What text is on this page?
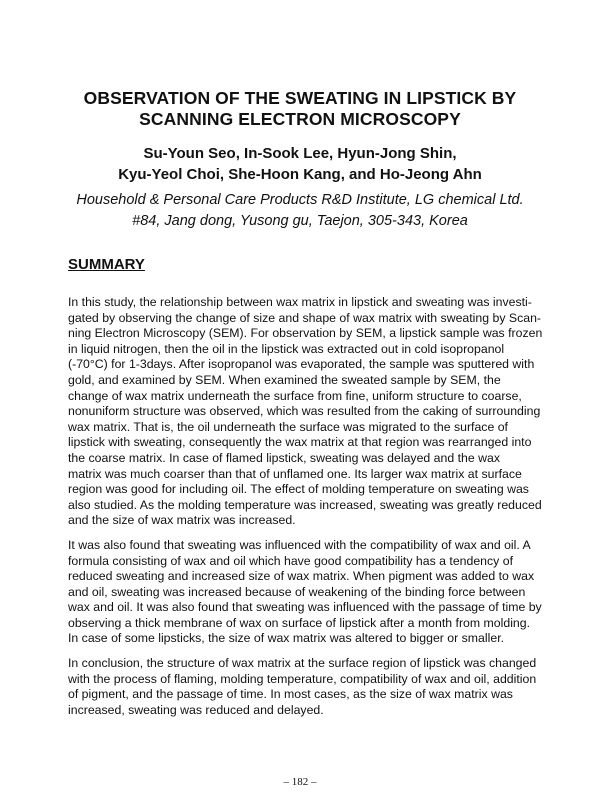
OBSERVATION OF THE SWEATING IN LIPSTICK BY
SCANNING ELECTRON MICROSCOPY
Su-Youn Seo, In-Sook Lee, Hyun-Jong Shin,
Kyu-Yeol Choi, She-Hoon Kang, and Ho-Jeong Ahn
Household & Personal Care Products R&D Institute, LG chemical Ltd.
#84, Jang dong, Yusong gu, Taejon, 305-343, Korea
SUMMARY
In this study, the relationship between wax matrix in lipstick and sweating was investi-
gated by observing the change of size and shape of wax matrix with sweating by Scan-
ning Electron Microscopy (SEM). For observation by SEM, a lipstick sample was frozen
in liquid nitrogen, then the oil in the lipstick was extracted out in cold isopropanol
(-70°C) for 1-3days. After isopropanol was evaporated, the sample was sputtered with
gold, and examined by SEM. When examined the sweated sample by SEM, the
change of wax matrix underneath the surface from fine, uniform structure to coarse,
nonuniform structure was observed, which was resulted from the caking of surrounding
wax matrix. That is, the oil underneath the surface was migrated to the surface of
lipstick with sweating, consequently the wax matrix at that region was rearranged into
the coarse matrix. In case of flamed lipstick, sweating was delayed and the wax
matrix was much coarser than that of unflamed one. Its larger wax matrix at surface
region was good for including oil. The effect of molding temperature on sweating was
also studied. As the molding temperature was increased, sweating was greatly reduced
and the size of wax matrix was increased.
It was also found that sweating was influenced with the compatibility of wax and oil. A
formula consisting of wax and oil which have good compatibility has a tendency of
reduced sweating and increased size of wax matrix. When pigment was added to wax
and oil, sweating was increased because of weakening of the binding force between
wax and oil. It was also found that sweating was influenced with the passage of time by
observing a thick membrane of wax on surface of lipstick after a month from molding.
In case of some lipsticks, the size of wax matrix was altered to bigger or smaller.
In conclusion, the structure of wax matrix at the surface region of lipstick was changed
with the process of flaming, molding temperature, compatibility of wax and oil, addition
of pigment, and the passage of time. In most cases, as the size of wax matrix was
increased, sweating was reduced and delayed.
– 182 –
